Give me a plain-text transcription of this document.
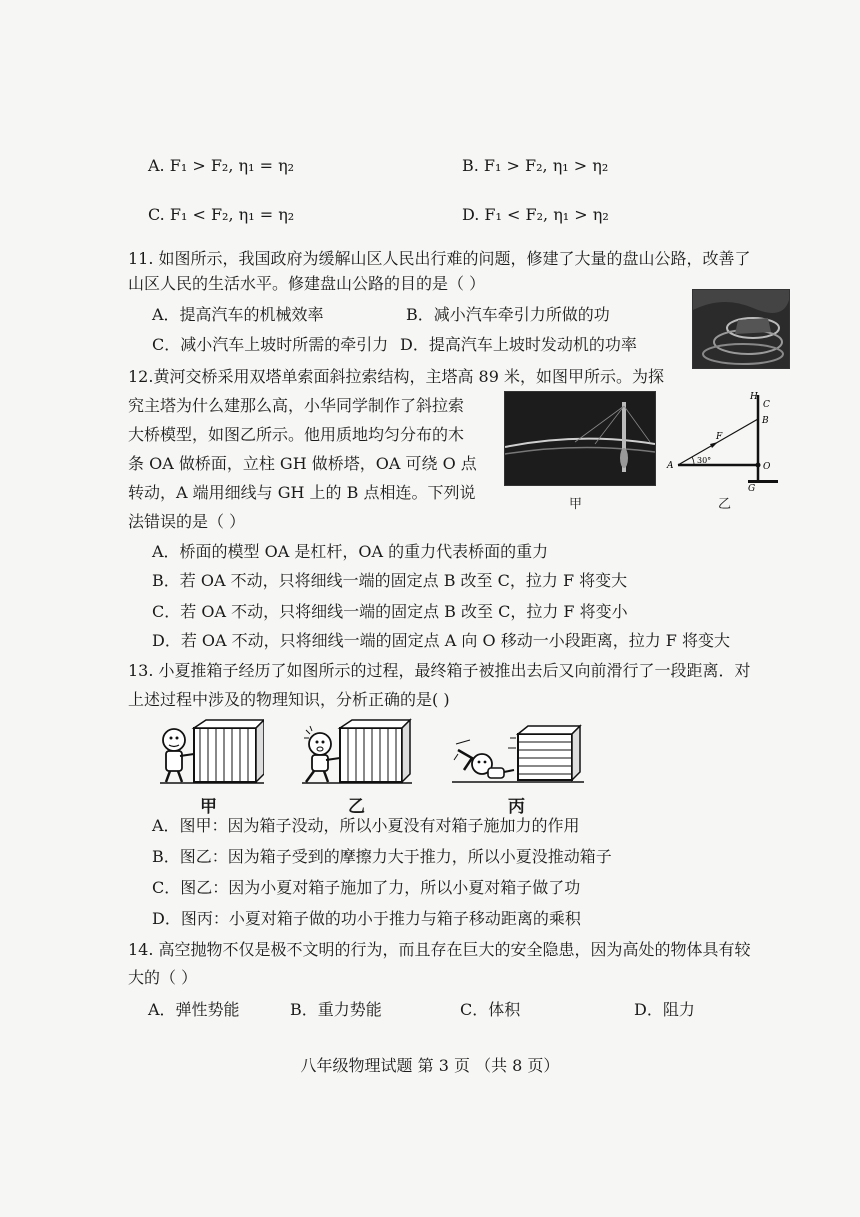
A. F₁ > F₂, η₁ = η₂	B. F₁ > F₂, η₁ > η₂
C. F₁ < F₂, η₁ = η₂	D. F₁ < F₂, η₁ > η₂
11. 如图所示，我国政府为缓解山区人民出行难的问题，修建了大量的盘山公路，改善了
山区人民的生活水平。修建盘山公路的目的是（ ）
A．提高汽车的机械效率	B．减小汽车牵引力所做的功
C．减小汽车上坡时所需的牵引力 D．提高汽车上坡时发动机的功率
12.黄河交桥采用双塔单索面斜拉索结构，主塔高 89 米，如图甲所示。为探
究主塔为什么建那么高，小华同学制作了斜拉索
大桥模型，如图乙所示。他用质地均匀分布的木
条 OA 做桥面，立柱 GH 做桥塔，OA 可绕 O 点
转动，A 端用细线与 GH 上的 B 点相连。下列说
法错误的是（ ）
甲
H
C
B
F
A
30°
O
G
乙
A．桥面的模型 OA 是杠杆，OA 的重力代表桥面的重力
B．若 OA 不动，只将细线一端的固定点 B 改至 C，拉力 F 将变大
C．若 OA 不动，只将细线一端的固定点 B 改至 C，拉力 F 将变小
D．若 OA 不动，只将细线一端的固定点 A 向 O 移动一小段距离，拉力 F 将变大
13. 小夏推箱子经历了如图所示的过程，最终箱子被推出去后又向前滑行了一段距离．对
上述过程中涉及的物理知识，分析正确的是( )
甲	乙	丙
A．图甲：因为箱子没动，所以小夏没有对箱子施加力的作用
B．图乙：因为箱子受到的摩擦力大于推力，所以小夏没推动箱子
C．图乙：因为小夏对箱子施加了力，所以小夏对箱子做了功
D．图丙：小夏对箱子做的功小于推力与箱子移动距离的乘积
14. 高空抛物不仅是极不文明的行为，而且存在巨大的安全隐患，因为高处的物体具有较
大的（ ）
A．弹性势能	B．重力势能	C．体积	D．阻力
八年级物理试题 第 3 页 （共 8 页）
